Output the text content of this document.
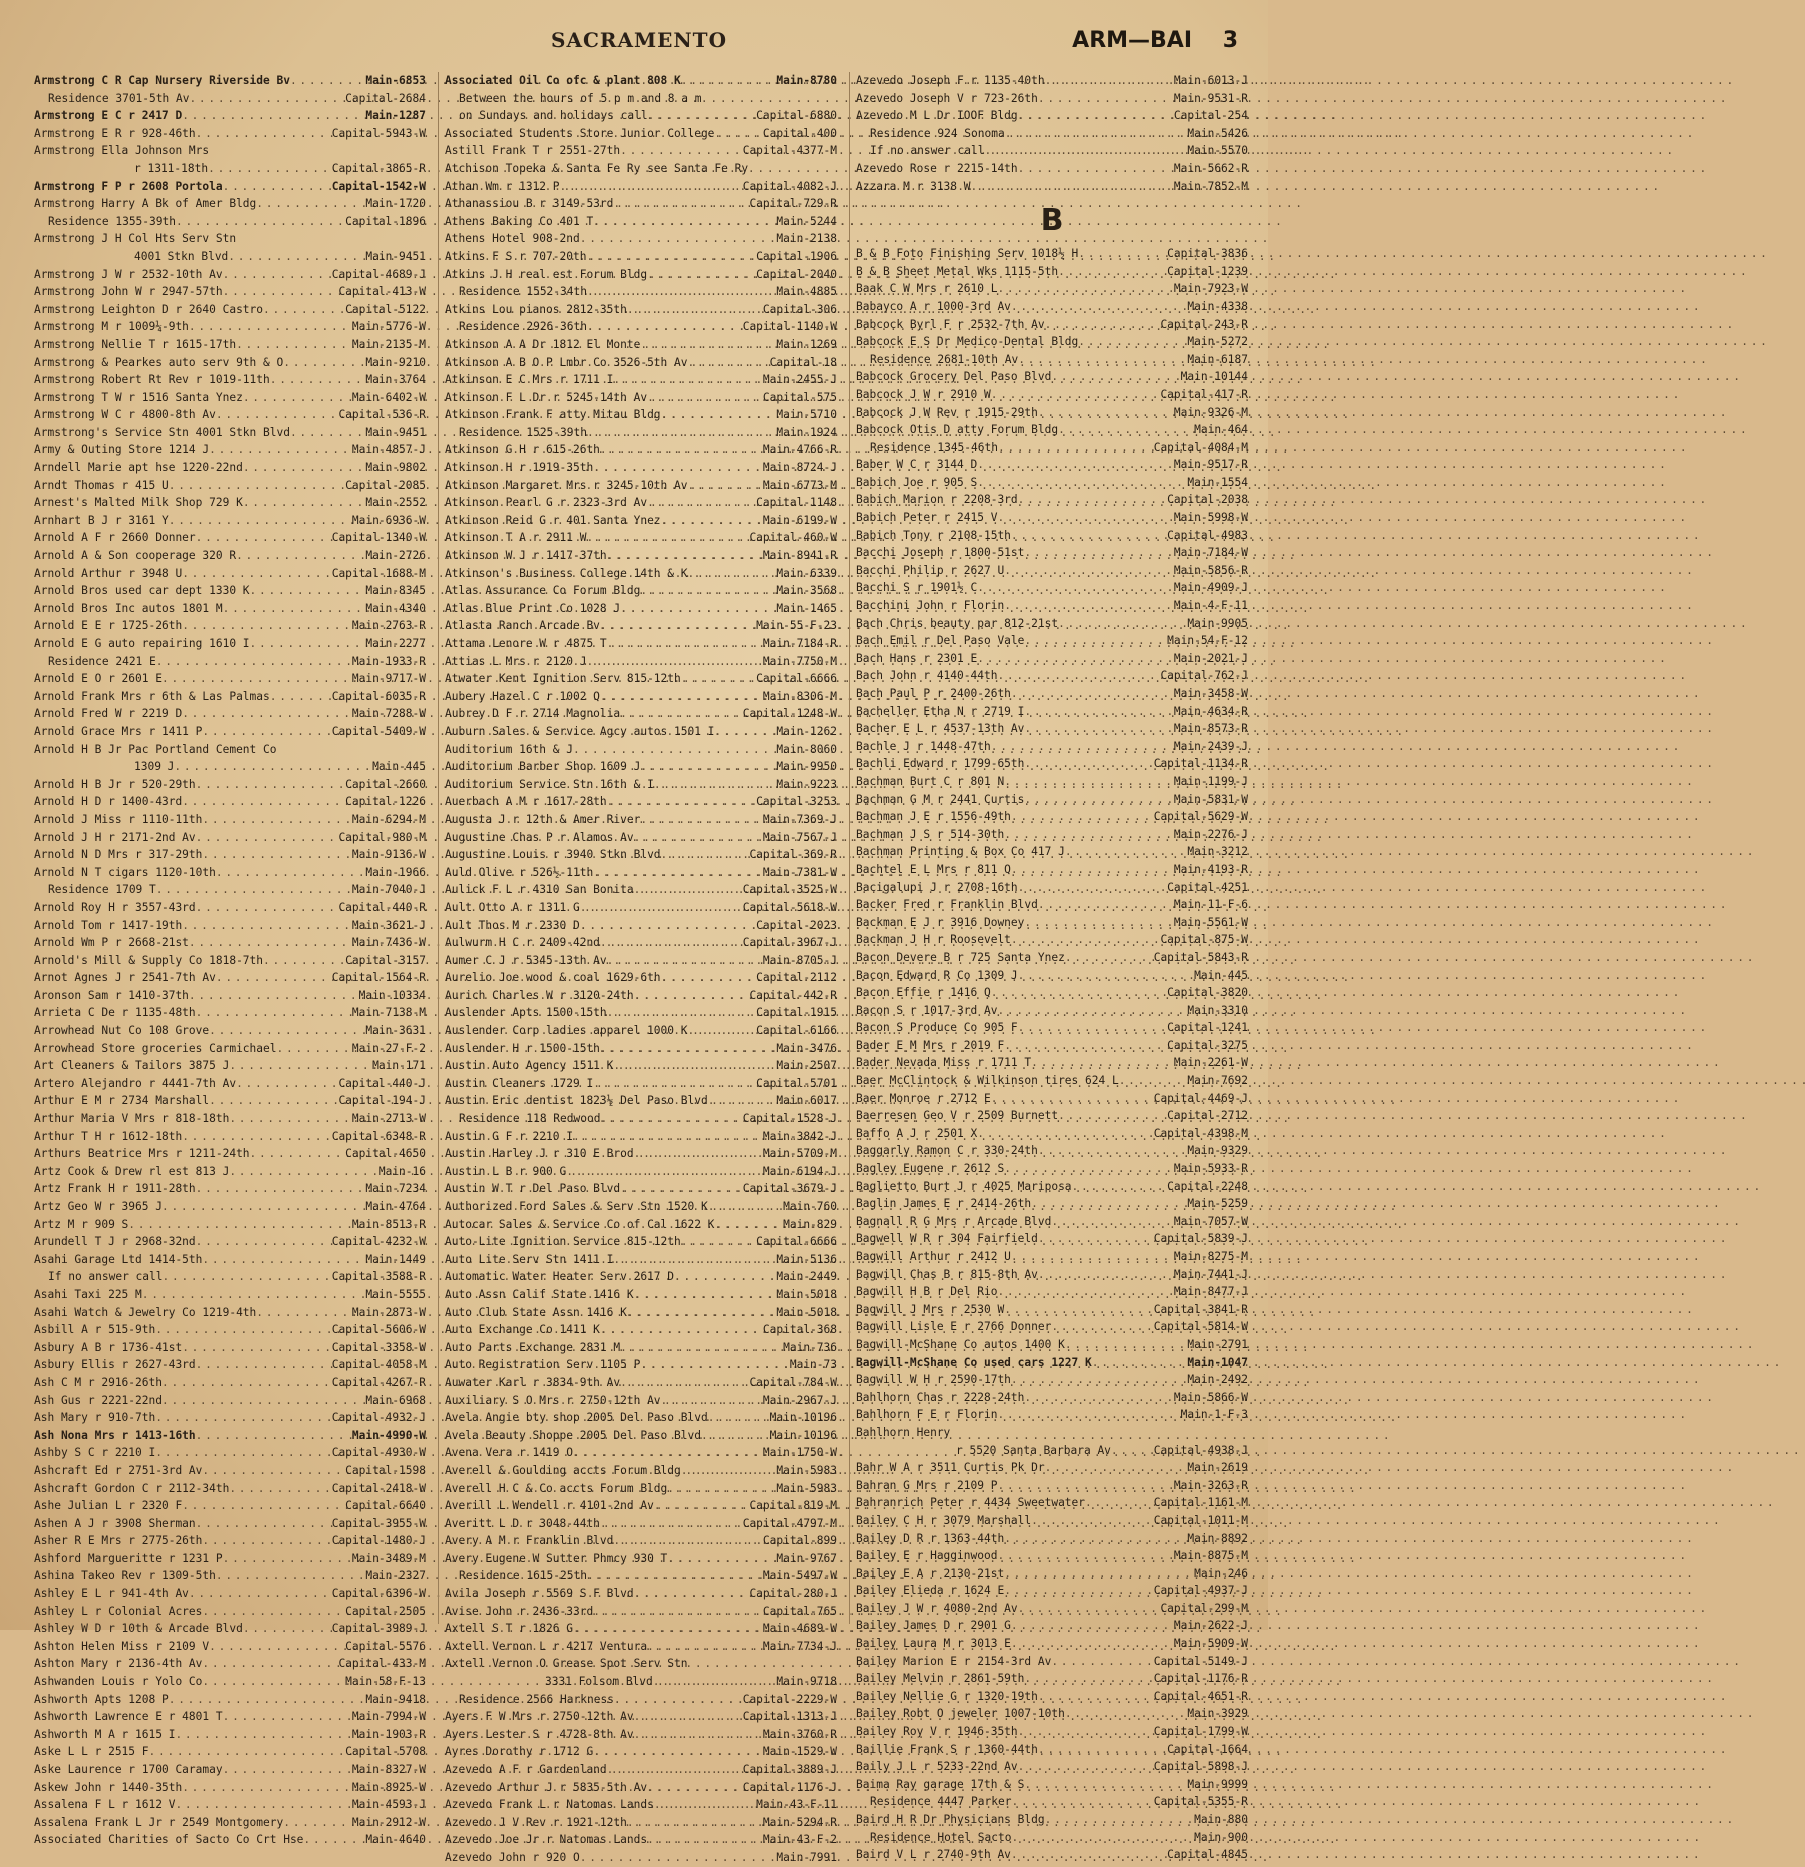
SACRAMENTO	ARM—BAI 3
Armstrong C R Cap Nursery Riverside Bv . . .	Main-6853
Residence 3701-5th Av . . .	Capital-2684
Armstrong E C r 2417 D . . .	Main-1287
Armstrong E R r 928-46th . . .	Capital-5943-W
Armstrong Ella Johnson Mrs
r 1311-18th . . .	Capital-3865-R
Armstrong F P r 2608 Portola . . .	Capital-1542-W
Armstrong Harry A Bk of Amer Bldg . . .	Main-1720
Residence 1355-39th . . .	Capital-1896
Armstrong J H Col Hts Serv Stn
4001 Stkn Blvd . . .	Main-9451
Armstrong J W r 2532-10th Av . . .	Capital-4689-J
Armstrong John W r 2947-57th . . .	Capital-413-W
Armstrong Leighton D r 2640 Castro . . .	Capital-5122
Armstrong M r 1009¼-9th . . .	Main-5776-W
Armstrong Nellie T r 1615-17th . . .	Main-2135-M
Armstrong & Pearkes auto serv 9th & O . . .	Main-9210
Armstrong Robert Rt Rev r 1019-11th . . .	Main-3764
Armstrong T W r 1516 Santa Ynez . . .	Main-6402-W
Armstrong W C r 4800-8th Av . . .	Capital-536-R
Armstrong's Service Stn 4001 Stkn Blvd . . .	Main-9451
Army & Outing Store 1214 J . . .	Main-4857-J
Arndell Marie apt hse 1220-22nd . . .	Main-9802
Arndt Thomas r 415 U . . .	Capital-2085
Arnest's Malted Milk Shop 729 K . . .	Main-2552
Arnhart B J r 3161 Y . . .	Main-6936-W
Arnold A F r 2660 Donner . . .	Capital-1340-W
Arnold A & Son cooperage 320 R . . .	Main-2726
Arnold Arthur r 3948 U . . .	Capital-1688-M
Arnold Bros used car dept 1330 K . . .	Main-8345
Arnold Bros Inc autos 1801 M . . .	Main-4340
Arnold E E r 1725-26th . . .	Main-2763-R
Arnold E G auto repairing 1610 I . . .	Main-2277
Residence 2421 E . . .	Main-1933-R
Arnold E O r 2601 E . . .	Main-9717-W
Arnold Frank Mrs r 6th & Las Palmas . . .	Capital-6035-R
Arnold Fred W r 2219 D . . .	Main-7288-W
Arnold Grace Mrs r 1411 P . . .	Capital-5409-W
Arnold H B Jr Pac Portland Cement Co
1309 J . . .	Main-445
Arnold H B Jr r 520-29th . . .	Capital-2660
Arnold H D r 1400-43rd . . .	Capital-1226
Arnold J Miss r 1110-11th . . .	Main-6294-M
Arnold J H r 2171-2nd Av . . .	Capital-980-M
Arnold N D Mrs r 317-29th . . .	Main-9136-W
Arnold N T cigars 1120-10th . . .	Main-1966
Residence 1709 T . . .	Main-7040-J
Arnold Roy H r 3557-43rd . . .	Capital-440-R
Arnold Tom r 1417-19th . . .	Main-3621-J
Arnold Wm P r 2668-21st . . .	Main-7436-W
Arnold's Mill & Supply Co 1818-7th . . .	Capital-3157
Arnot Agnes J r 2541-7th Av . . .	Capital-1564-R
Aronson Sam r 1410-37th . . .	Main-10334
Arrieta C De r 1135-48th . . .	Main-7138-M
Arrowhead Nut Co 108 Grove . . .	Main-3631
Arrowhead Store groceries Carmichael . . .	Main-27-F-2
Art Cleaners & Tailors 3875 J . . .	Main-171
Artero Alejandro r 4441-7th Av . . .	Capital-440-J
Arthur E M r 2734 Marshall . . .	Capital-194-J
Arthur Maria V Mrs r 818-18th . . .	Main-2713-W
Arthur T H r 1612-18th . . .	Capital-6348-R
Arthurs Beatrice Mrs r 1211-24th . . .	Capital-4650
Artz Cook & Drew rl est 813 J . . .	Main-16
Artz Frank H r 1911-28th . . .	Main-7234
Artz Geo W r 3965 J . . .	Main-4764
Artz M r 909 S . . .	Main-8513-R
Arundell T J r 2968-32nd . . .	Capital-4232-W
Asahi Garage Ltd 1414-5th . . .	Main-1449
If no answer call . . .	Capital-3588-R
Asahi Taxi 225 M . . .	Main-5555
Asahi Watch & Jewelry Co 1219-4th . . .	Main-2873-W
Asbill A r 515-9th . . .	Capital-5606-W
Asbury A B r 1736-41st . . .	Capital-3358-W
Asbury Ellis r 2627-43rd . . .	Capital-4058-M
Ash C M r 2916-26th . . .	Capital-4267-R
Ash Gus r 2221-22nd . . .	Main-6968
Ash Mary r 910-7th . . .	Capital-4932-J
Ash Nona Mrs r 1413-16th . . .	Main-4990-W
Ashby S C r 2210 I . . .	Capital-4930-W
Ashcraft Ed r 2751-3rd Av . . .	Capital-1598
Ashcraft Gordon C r 2112-34th . . .	Capital-2418-W
Ashe Julian L r 2320 F . . .	Capital-6640
Ashen A J r 3908 Sherman . . .	Capital-3955-W
Asher R E Mrs r 2775-26th . . .	Capital-1480-J
Ashford Margueritte r 1231 P . . .	Main-3489-M
Ashina Takeo Rev r 1309-5th . . .	Main-2327
Ashley E L r 941-4th Av . . .	Capital-6396-W
Ashley L r Colonial Acres . . .	Capital-2505
Ashley W D r 10th & Arcade Blvd . . .	Capital-3989-J
Ashton Helen Miss r 2109 V . . .	Capital-5576
Ashton Mary r 2136-4th Av . . .	Capital-433-M
Ashwanden Louis r Yolo Co . . .	Main-58-F-13
Ashworth Apts 1208 P . . .	Main-9418
Ashworth Lawrence E r 4801 T . . .	Main-7994-W
Ashworth M A r 1615 I . . .	Main-1903-R
Aske L L r 2515 F . . .	Capital-5708
Aske Laurence r 1700 Caramay . . .	Main-8327-W
Askew John r 1440-35th . . .	Main-8925-W
Assalena F L r 1612 V . . .	Main-4593-J
Assalena Frank L Jr r 2549 Montgomery . . .	Main-2912-W
Associated Charities of Sacto Co Crt Hse . . .	Main-4640
Associated Oil Co ofc & plant 808 K . . .	Main-8780
Between the hours of 5 p m and 8 a m
on Sundays and holidays call . . .	Capital-6880
Associated Students Store Junior College . . .	Capital-400
Astill Frank T r 2551-27th . . .	Capital-4377-M
Atchison Topeka & Santa Fe Ry see Santa Fe Ry
Athan Wm r 1312 P . . .	Capital-4082-J
Athanassiou B r 3149-53rd . . .	Capital-729-R
Athens Baking Co 401 T . . .	Main-5244
Athens Hotel 908-2nd . . .	Main-2138
Atkins F S r 707-20th . . .	Capital-1906
Atkins J H real est Forum Bldg . . .	Capital-2040
Residence 1552-34th . . .	Main-4885
Atkins Lou pianos 2812-35th . . .	Capital-306
Residence 2926-36th . . .	Capital-1140-W
Atkinson A A Dr 1812 El Monte . . .	Main-1269
Atkinson A B O P Lmbr Co 3526-5th Av . . .	Capital-18
Atkinson E C Mrs r 1711 I . . .	Main-2455-J
Atkinson F L Dr r 5245-14th Av . . .	Capital-575
Atkinson Frank F atty Mitau Bldg . . .	Main-5710
Residence 1525-39th . . .	Main-1924
Atkinson G H r 615-26th . . .	Main-4766-R
Atkinson H r 1919-35th . . .	Main-8724-J
Atkinson Margaret Mrs r 3245-10th Av . . .	Main-6773-M
Atkinson Pearl G r 2323-3rd Av . . .	Capital-1148
Atkinson Reid G r 401 Santa Ynez . . .	Main-6199-W
Atkinson T A r 2911 W . . .	Capital-460-W
Atkinson W J r 1417-37th . . .	Main-8941-R
Atkinson's Business College 14th & K . . .	Main-6339
Atlas Assurance Co Forum Bldg . . .	Main-3568
Atlas Blue Print Co 1028 J . . .	Main-1465
Atlasta Ranch Arcade Bv . . .	Main-55-F-23
Attama Lenore W r 4875 T . . .	Main-7184-R
Attias L Mrs r 2120 J . . .	Main-7750-M
Atwater Kent Ignition Serv 815-12th . . .	Capital-6666
Aubery Hazel C r 1002 Q . . .	Main-8306-M
Aubrey D F r 2714 Magnolia . . .	Capital-1248-W
Auburn Sales & Service Agcy autos 1501 I . . .	Main-1262
Auditorium 16th & J . . .	Main-8060
Auditorium Barber Shop 1609 J . . .	Main-9950
Auditorium Service Stn 16th & I . . .	Main-9223
Auerbach A M r 1617-28th . . .	Capital-3253
Augusta J r 12th & Amer River . . .	Main-7369-J
Augustine Chas P r Alamos Av . . .	Main-7567-J
Augustine Louis r 3940 Stkn Blvd . . .	Capital-369-R
Auld Olive r 526½-11th . . .	Main-7381-W
Aulick F L r 4310 San Bonita . . .	Capital-3525-W
Ault Otto A r 1311 G . . .	Capital-5618-W
Ault Thos M r 2330 D . . .	Capital-2023
Aulwurm H C r 2409-42nd . . .	Capital-3967-J
Aumer C J r 5345-13th Av . . .	Main-8705-J
Aurelio Joe wood & coal 1629-6th . . .	Capital-2112
Aurich Charles W r 3120-24th . . .	Capital-442-R
Auslender Apts 1500-15th . . .	Capital-1915
Auslender Corp ladies apparel 1000 K . . .	Capital-6166
Auslender H r 1500-15th . . .	Main-3476
Austin Auto Agency 1511 K . . .	Main-2507
Austin Cleaners 1729 I . . .	Capital-5701
Austin Eric dentist 1823½ Del Paso Blvd . . .	Main-6017
Residence 118 Redwood . . .	Capital-1528-J
Austin G F r 2210 I . . .	Main-3842-J
Austin Harley J r 310 E Brod . . .	Main-5709-M
Austin L B r 900 G . . .	Main-6194-J
Austin W T r Del Paso Blvd . . .	Capital-3679-J
Authorized Ford Sales & Serv Stn 1520 K . . .	Main-760
Autocar Sales & Service Co of Cal 1622 K . . .	Main-829
Auto-Lite Ignition Service 815-12th . . .	Capital-6666
Auto Lite Serv Stn 1411 I . . .	Main-5136
Automatic Water Heater Serv 2617 D . . .	Main-2449
Auto Assn Calif State 1416 K . . .	Main-5018
Auto Club State Assn 1416 K . . .	Main-5018
Auto Exchange Co 1411 K . . .	Capital-368
Auto Parts Exchange 2831 M . . .	Main-736
Auto Registration Serv 1105 P . . .	Main-73
Auwater Karl r 3834-9th Av . . .	Capital-784-W
Auxiliary S O Mrs r 2750-12th Av . . .	Main-2967-J
Avela Angie bty shop 2005 Del Paso Blvd . . .	Main-10196
Avela Beauty Shoppe 2005 Del Paso Blvd . . .	Main-10196
Avena Vera r 1419 O . . .	Main-1750-W
Averell & Goulding accts Forum Bldg . . .	Main-5983
Averell H C & Co accts Forum Bldg . . .	Main-5983
Averill L Wendell r 4101-2nd Av . . .	Capital-819-M
Averitt L D r 3048-44th . . .	Capital-4797-M
Avery A M r Franklin Blvd . . .	Capital-899
Avery Eugene W Sutter Phmcy 930 T . . .	Main-9767
Residence 1615-25th . . .	Main-5497-W
Avila Joseph r 5569 S F Blvd . . .	Capital-280-J
Avise John r 2436-33rd . . .	Capital-765
Axtell S T r 1826 G . . .	Main-4689-W
Axtell Vernon L r 4217 Ventura . . .	Main-7734-J
Axtell Vernon O Grease Spot Serv Stn
3331 Folsom Blvd . . .	Main-9718
Residence 2566 Harkness . . .	Capital-2229-W
Ayers F W Mrs r 2750-12th Av . . .	Capital-1313-J
Ayers Lester S r 4728-8th Av . . .	Main-3760-R
Ayres Dorothy r 1712 G . . .	Main-1529-W
Azevedo A F r Gardenland . . .	Capital-3889-J
Azevedo Arthur J r 5835-5th Av . . .	Capital-1176-J
Azevedo Frank L r Natomas Lands . . .	Main-43-F-11
Azevedo J V Rev r 1921-12th . . .	Main-5294-R
Azevedo Joe Jr r Natomas Lands . . .	Main-43-F-2
Azevedo John r 920 O . . .	Main-7991
Azevedo Joseph F r 1135-40th . . .	Main-6013-J
Azevedo Joseph V r 723-26th . . .	Main-9531-R
Azevedo M L Dr IOOF Bldg . . .	Capital-254
Residence 924 Sonoma . . .	Main-5426
If no answer call . . .	Main-5570
Azevedo Rose r 2215-14th . . .	Main-5662-R
Azzara M r 3138 W . . .	Main-7852-M
B
B & B Foto Finishing Serv 1018½ H . . .	Capital-3836
B & B Sheet Metal Wks 1115-5th . . .	Capital-1239
Baak C W Mrs r 2610 L . . .	Main-7923-W
Babayco A r 1000-3rd Av . . .	Main-4338
Babcock Byrl F r 2532-7th Av . . .	Capital-243-R
Babcock E S Dr Medico-Dental Bldg . . .	Main-5272
Residence 2681-10th Av . . .	Main-6187
Babcock Grocery Del Paso Blvd . . .	Main-10144
Babcock J W r 2910 W . . .	Capital-417-R
Babcock J W Rev r 1915-29th . . .	Main-9326-M
Babcock Otis D atty Forum Bldg . . .	Main-464
Residence 1345-46th . . .	Capital-4084-M
Baber W C r 3144 D . . .	Main-9517-R
Babich Joe r 905 S . . .	Main-1554
Babich Marion r 2208-3rd . . .	Capital-2038
Babich Peter r 2415 V . . .	Main-5998-W
Babich Tony r 2108-15th . . .	Capital-4983
Bacchi Joseph r 1800-51st . . .	Main-7184-W
Bacchi Philip r 2627 U . . .	Main-5856-R
Bacchi S r 1901½ C . . .	Main-4909-J
Bacchini John r Florin . . .	Main-4-F-11
Bach Chris beauty par 812-21st . . .	Main-9905
Bach Emil r Del Paso Vale . . .	Main-54-F-12
Bach Hans r 2301 E . . .	Main-2021-J
Bach John r 4140-44th . . .	Capital-762-J
Bach Paul P r 2400-26th . . .	Main-3458-W
Bacheller Etha N r 2719 I . . .	Main-4634-R
Bacher E L r 4537-13th Av . . .	Main-8573-R
Bachle J r 1448-47th . . .	Main-2439-J
Bachli Edward r 1799-65th . . .	Capital-1134-R
Bachman Burt C r 801 N . . .	Main-1199-J
Bachman G M r 2441 Curtis . . .	Main-5831-W
Bachman J E r 1556-49th . . .	Capital-5629-W
Bachman J S r 514-30th . . .	Main-2276-J
Bachman Printing & Box Co 417 J . . .	Main-3212
Bachtel E L Mrs r 811 Q . . .	Main-4193-R
Bacigalupi J r 2708-16th . . .	Capital-4251
Backer Fred r Franklin Blvd . . .	Main-11-F-6
Backman E J r 3916 Downey . . .	Main-5561-W
Backman J H r Roosevelt . . .	Capital-875-W
Bacon Devere B r 725 Santa Ynez . . .	Capital-5843-R
Bacon Edward R Co 1309 J . . .	Main-445
Bacon Effie r 1416 Q . . .	Capital-3820
Bacon S r 1017-3rd Av . . .	Main-3310
Bacon S Produce Co 905 F . . .	Capital-1241
Bader E M Mrs r 2019 F . . .	Capital-3275
Bader Nevada Miss r 1711 T . . .	Main-2261-W
Baer McClintock & Wilkinson tires 624 L . . .	Main-7692
Baer Monroe r 2712 E . . .	Capital-4469-J
Baerresen Geo V r 2509 Burnett . . .	Capital-2712
Baffo A J r 2501 X . . .	Capital-4398-M
Baggarly Ramon C r 330-24th . . .	Main-9329
Bagley Eugene r 2612 S . . .	Main-5933-R
Baglietto Burt J r 4025 Mariposa . . .	Capital-2248
Baglin James E r 2414-26th . . .	Main-5259
Bagnall R G Mrs r Arcade Blvd . . .	Main-7057-W
Bagwell W R r 304 Fairfield . . .	Capital-5839-J
Bagwill Arthur r 2412 U . . .	Main-8275-M
Bagwill Chas B r 815-8th Av . . .	Main-7441-J
Bagwill H B r Del Rio . . .	Main-8477-J
Bagwill J Mrs r 2530 W . . .	Capital-3841-R
Bagwill Lisle E r 2766 Donner . . .	Capital-5814-W
Bagwill-McShane Co autos 1400 K . . .	Main-2791
Bagwill-McShane Co used cars 1227 K . . .	Main-1047
Bagwill W H r 2590-17th . . .	Main-2492
Bahlhorn Chas r 2228-24th . . .	Main-5866-W
Bahlhorn F E r Florin . . .	Main-1-F-3
Bahlhorn Henry
r 5520 Santa Barbara Av . . .	Capital-4938-J
Bahr W A r 3511 Curtis Pk Dr . . .	Main-2619
Bahran G Mrs r 2109 P . . .	Main-3263-R
Bahranrich Peter r 4434 Sweetwater . . .	Capital-1161-M
Bailey C H r 3079 Marshall . . .	Capital-1011-M
Bailey D R r 1363-44th . . .	Main-8892
Bailey E r Hagginwood . . .	Main-8875-M
Bailey E A r 2130-21st . . .	Main-246
Bailey Elieda r 1624 E . . .	Capital-4937-J
Bailey J W r 4080-2nd Av . . .	Capital-299-M
Bailey James D r 2901 G . . .	Main-2622-J
Bailey Laura M r 3013 E . . .	Main-5909-W
Bailey Marion E r 2154-3rd Av . . .	Capital-5149-J
Bailey Melvin r 2861-59th . . .	Capital-1176-R
Bailey Nellie G r 1320-19th . . .	Capital-4651-R
Bailey Robt O jeweler 1007-10th . . .	Main-3929
Bailey Roy V r 1946-35th . . .	Capital-1799-W
Baillie Frank S r 1360-44th . . .	Capital-1664
Baily J L r 5233-22nd Av . . .	Capital-5898-J
Baima Ray garage 17th & S . . .	Main-9999
Residence 4447 Parker . . .	Capital-5355-R
Baird H R Dr Physicians Bldg . . .	Main-880
Residence Hotel Sacto . . .	Main-900
Baird V L r 2740-9th Av . . .	Capital-4845
